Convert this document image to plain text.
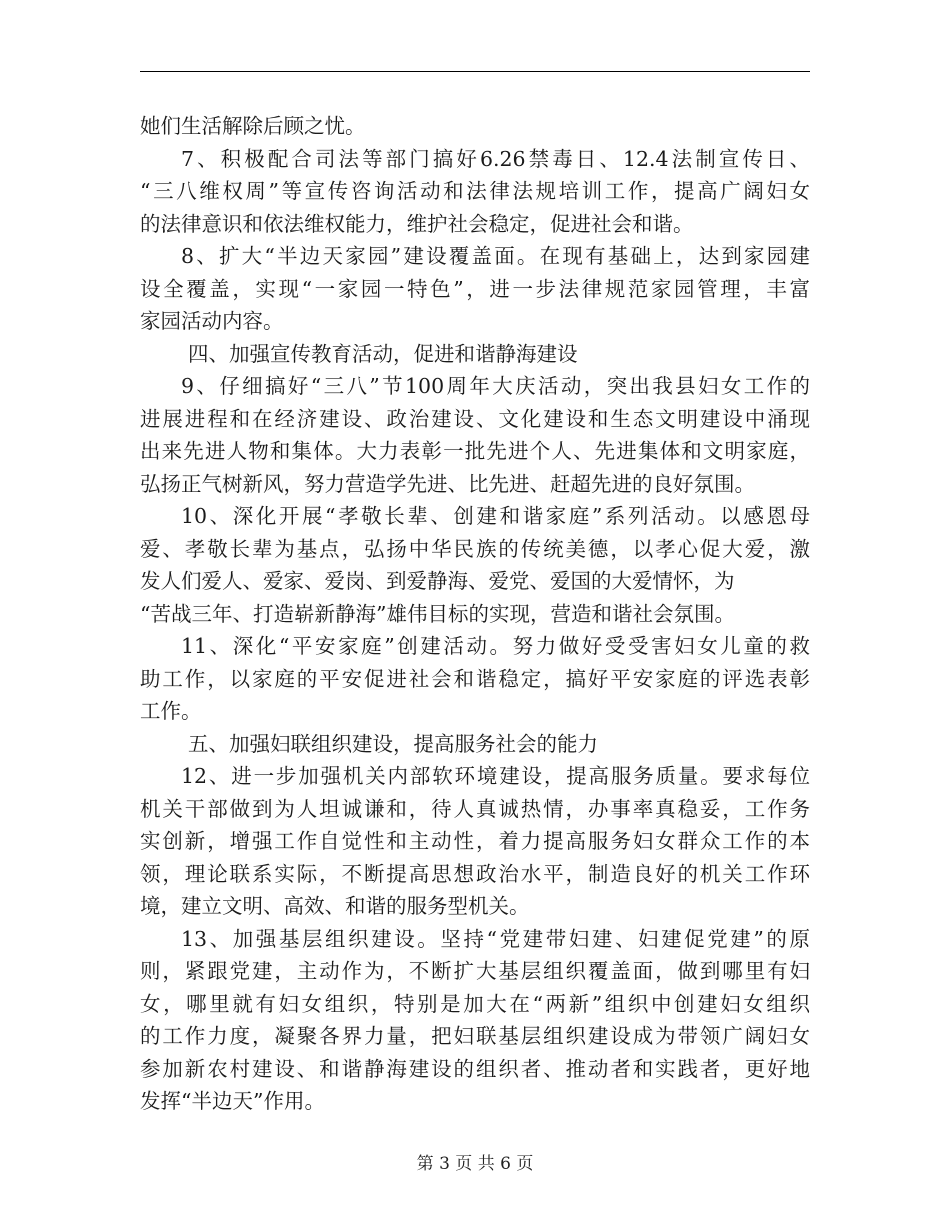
她们生活解除后顾之忧。
7、积极配合司法等部门搞好6.26禁毒日、12.4法制宣传日、
“三八维权周”等宣传咨询活动和法律法规培训工作，提高广阔妇女
的法律意识和依法维权能力，维护社会稳定，促进社会和谐。
8、扩大“半边天家园”建设覆盖面。在现有基础上，达到家园建
设全覆盖，实现“一家园一特色”，进一步法律规范家园管理，丰富
家园活动内容。
四、加强宣传教育活动，促进和谐静海建设
9、仔细搞好“三八”节100周年大庆活动，突出我县妇女工作的
进展进程和在经济建设、政治建设、文化建设和生态文明建设中涌现
出来先进人物和集体。大力表彰一批先进个人、先进集体和文明家庭，
弘扬正气树新风，努力营造学先进、比先进、赶超先进的良好氛围。
10、深化开展“孝敬长辈、创建和谐家庭”系列活动。以感恩母
爱、孝敬长辈为基点，弘扬中华民族的传统美德，以孝心促大爱，激
发人们爱人、爱家、爱岗、到爱静海、爱党、爱国的大爱情怀，为
“苦战三年、打造崭新静海”雄伟目标的实现，营造和谐社会氛围。
11、深化“平安家庭”创建活动。努力做好受受害妇女儿童的救
助工作，以家庭的平安促进社会和谐稳定，搞好平安家庭的评选表彰
工作。
五、加强妇联组织建设，提高服务社会的能力
12、进一步加强机关内部软环境建设，提高服务质量。要求每位
机关干部做到为人坦诚谦和，待人真诚热情，办事率真稳妥，工作务
实创新，增强工作自觉性和主动性，着力提高服务妇女群众工作的本
领，理论联系实际，不断提高思想政治水平，制造良好的机关工作环
境，建立文明、高效、和谐的服务型机关。
13、加强基层组织建设。坚持“党建带妇建、妇建促党建”的原
则，紧跟党建，主动作为，不断扩大基层组织覆盖面，做到哪里有妇
女，哪里就有妇女组织，特别是加大在“两新”组织中创建妇女组织
的工作力度，凝聚各界力量，把妇联基层组织建设成为带领广阔妇女
参加新农村建设、和谐静海建设的组织者、推动者和实践者，更好地
发挥“半边天”作用。
第 3 页 共 6 页
